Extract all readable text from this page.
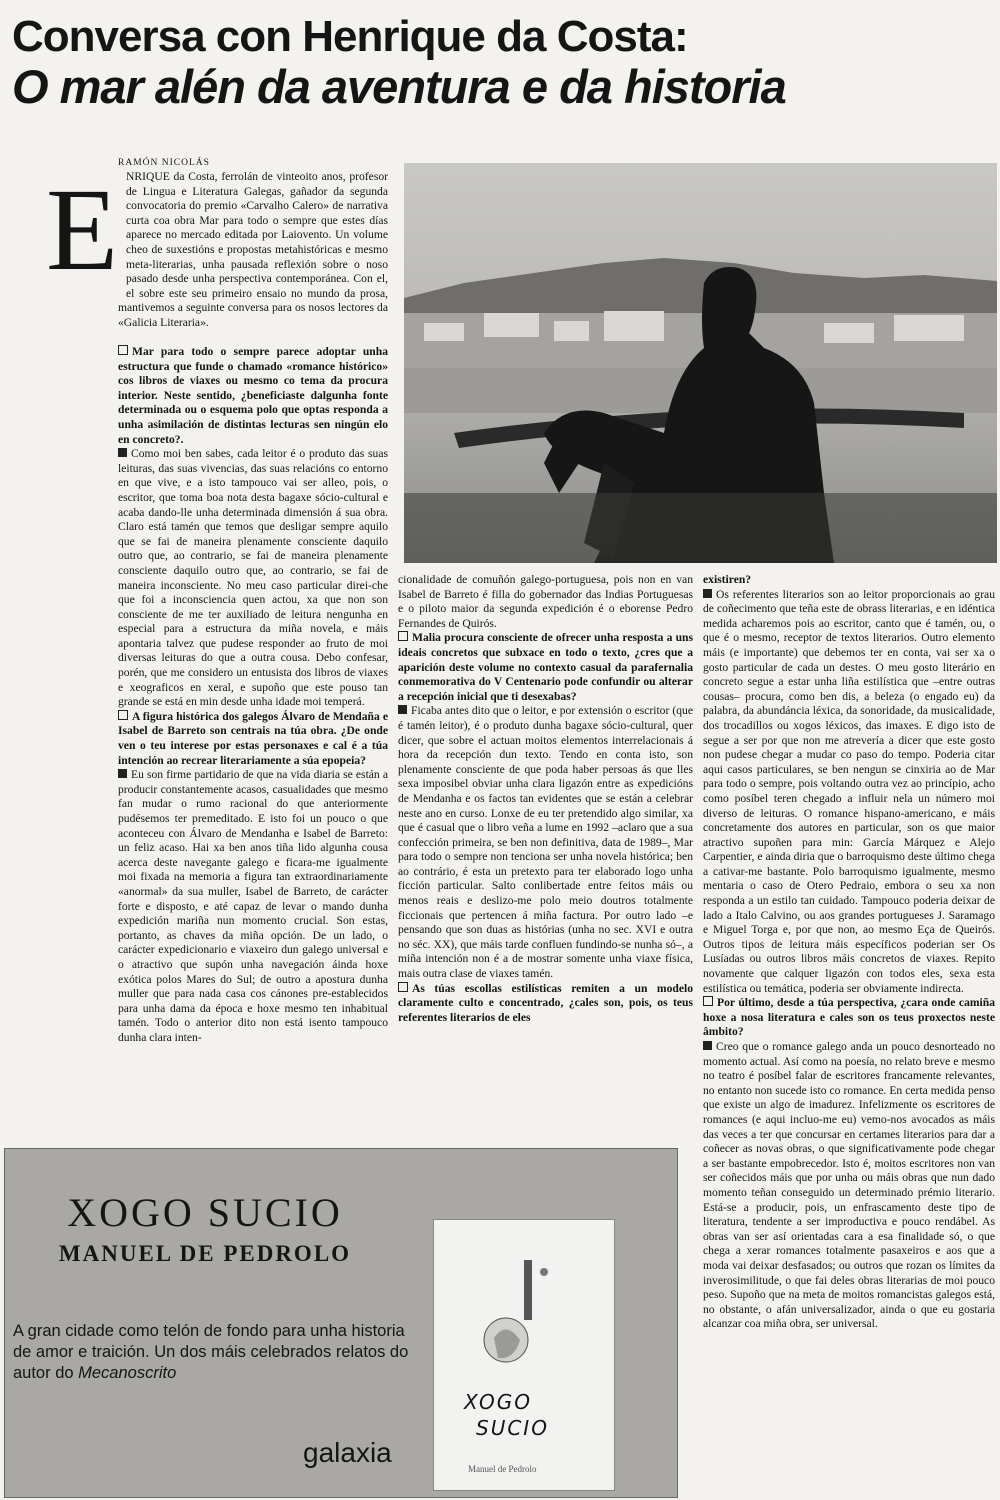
Conversa con Henrique da Costa:
O mar alén da aventura e da historia
RAMÓN NICOLÁS

ENRIQUE da Costa, ferrolán de vinteoito anos, profesor de Lingua e Literatura Galegas, gañador da segunda convocatoria do premio «Carvalho Calero» de narrativa curta coa obra Mar para todo o sempre que estes días aparece no mercado editada por Laiovento. Un volume cheo de suxestións e propostas metahistóricas e mesmo meta-literarias, unha pausada reflexión sobre o noso pasado desde unha perspectiva contemporánea. Con el, el sobre este seu primeiro ensaio no mundo da prosa, mantivemos a seguinte conversa para os nosos lectores da «Galicia Literaria».

Mar para todo o sempre parece adoptar unha estructura que funde o chamado «romance histórico» cos libros de viaxes ou mesmo co tema da procura interior. Neste sentido, ¿beneficiaste dalgunha fonte determinada ou o esquema polo que optas responda a unha asimilación de distintas lecturas sen ningún elo en concreto?.

Como moi ben sabes, cada leitor é o produto das suas leituras, das suas vivencias, das suas relacións co entorno en que vive, e a isto tampouco vai ser alleo, pois, o escritor, que toma boa nota desta bagaxe sócio-cultural e acaba dando-lle unha determinada dimensión á sua obra. Claro está tamén que temos que desligar sempre aquilo que se fai de maneira plenamente consciente daquilo outro que, ao contrario, se fai de maneira plenamente consciente daquilo outro que, ao contrario, se fai de maneira inconsciente. No meu caso particular direi-che que foi a inconsciencia quen actou, xa que non son consciente de me ter auxiliado de leitura nengunha en especial para a estructura da miña novela, e máis apontaria talvez que pudese responder ao fruto de moi diversas leituras do que a outra cousa. Debo confesar, porén, que me considero un entusista dos libros de viaxes e xeograficos en xeral, e supoño que este pouso tan grande se está en min desde unha idade moi temperá.

A figura histórica dos galegos Álvaro de Mendaña e Isabel de Barreto son centrais na túa obra. ¿De onde ven o teu interese por estas personaxes e cal é a túa intención ao recrear literariamente a súa epopeia?

Eu son firme partidario de que na vida diaria se están a producir constantemente acasos, casualidades que mesmo fan mudar o rumo racional do que anteriormente pudésemos ter premeditado. E isto foi un pouco o que aconteceu con Álvaro de Mendanha e Isabel de Barreto: un feliz acaso. Hai xa ben anos tiña lido algunha cousa acerca deste navegante galego e ficara-me igualmente moi fixada na memoria a figura tan extraordinariamente «anormal» da sua muller, Isabel de Barreto, de carácter forte e disposto, e até capaz de levar o mando dunha expedición mariña nun momento crucial. Son estas, portanto, as chaves da miña opción. De un lado, o carácter expedicionario e viaxeiro dun galego universal e o atractivo que supón unha navegación áinda hoxe exótica polos Mares do Sul; de outro a apostura dunha muller que para nada casa cos cánones pre-establecidos para unha dama da época e hoxe mesmo ten inhabitual tamén. Todo o anterior dito non está isento tampouco dunha clara inten-

cionalidade de comuñón galego-portuguesa, pois non en van Isabel de Barreto é filla do gobernador das Indias Portuguesas e o piloto maior da segunda expedición é o eborense Pedro Fernandes de Quirós.

Malia procura consciente de ofrecer unha resposta a uns ideais concretos que subxace en todo o texto, ¿cres que a aparición deste volume no contexto casual da parafernalia conmemorativa do V Centenario pode confundir ou alterar a recepción inicial que ti desexabas?

Ficaba antes dito que o leitor, e por extensión o escritor (que é tamén leitor), é o produto dunha bagaxe sócio-cultural, quer dicer, que sobre el actuan moitos elementos interrelacionais á hora da recepción dun texto. Tendo en conta isto, son plenamente consciente de que poda haber persoas ás que lles sexa imposibel obviar unha clara ligazón entre as expedicións de Mendanha e os factos tan evidentes que se están a celebrar neste ano en curso. Lonxe de eu ter pretendido algo similar, xa que é casual que o libro veña a lume en 1992 –aclaro que a sua confección primeira, se ben non definitiva, data de 1989–, Mar para todo o sempre non tenciona ser unha novela histórica; ben ao contrário, é esta un pretexto para ter elaborado logo unha ficción particular. Salto conlibertade entre feitos máis ou menos reais e deslizo-me polo meio doutros totalmente ficcionais que pertencen á miña factura. Por outro lado –e pensando que son duas as histórias (unha no sec. XVI e outra no séc. XX), que máis tarde confluen fundindo-se nunha só–, a miña intención non é a de mostrar somente unha viaxe física, mais outra clase de viaxes tamén.

As túas escollas estilísticas remiten a un modelo claramente culto e concentrado, ¿cales son, pois, os teus referentes literarios de eles

existiren?

Os referentes literarios son ao leitor proporcionais ao grau de coñecimento que teña este de obrass literarias, e en idéntica medida acharemos pois ao escritor, canto que é tamén, ou, o que é o mesmo, receptor de textos literarios. Outro elemento máis (e importante) que debemos ter en conta, vai ser xa o gosto particular de cada un destes. O meu gosto literário en concreto segue a estar unha liña estilística que –entre outras cousas– procura, como ben dis, a beleza (o engado eu) da palabra, da abundáncia léxica, da sonoridade, da musicalidade, dos trocadillos ou xogos léxicos, das imaxes. E digo isto de segue a ser por que non me atrevería a dicer que este gosto non pudese chegar a mudar co paso do tempo. Poderia citar aqui casos particulares, se ben nengun se cinxiria ao de Mar para todo o sempre, pois voltando outra vez ao princípio, acho como posíbel teren chegado a influir nela un número moi diverso de leituras. O romance hispano-americano, e máis concretamente dos autores en particular, son os que maior atractivo supoñen para min: García Márquez e Alejo Carpentier, e ainda diria que o barroquismo deste último chega a cativar-me bastante. Polo barroquismo igualmente, mesmo mentaria o caso de Otero Pedraio, embora o seu xa non responda a un estilo tan cuidado. Tampouco poderia deixar de lado a Italo Calvino, ou aos grandes portugueses J. Saramago e Miguel Torga e, por que non, ao mesmo Eça de Queirós. Outros tipos de leitura máis específicos poderian ser Os Lusíadas ou outros libros máis concretos de viaxes. Repito novamente que calquer ligazón con todos eles, sexa esta estilística ou temática, poderia ser obviamente indirecta.

Por último, desde a túa perspectiva, ¿cara onde camiña hoxe a nosa literatura e cales son os teus proxectos neste âmbito?

Creo que o romance galego anda un pouco desnorteado no momento actual. Así como na poesía, no relato breve e mesmo no teatro é posíbel falar de escritores francamente relevantes, no entanto non sucede isto co romance. En certa medida penso que existe un algo de imadurez. Infelizmente os escritores de romances (e aqui incluo-me eu) vemo-nos avocados as máis das veces a ter que concursar en certames literarios para dar a coñecer as novas obras, o que significativamente pode chegar a ser bastante empobrecedor. Isto é, moitos escritores non van ser coñecidos máis que por unha ou máis obras que nun dado momento teñan conseguido un determinado prémio literario. Está-se a producir, pois, un enfrascamento deste tipo de literatura, tendente a ser improductiva e pouco rendábel. As obras van ser así orientadas cara a esa finalidade só, o que chega a xerar romances totalmente pasaxeiros e aos que a moda vai deixar desfasados; ou outros que rozan os límites da inverosimilitude, o que fai deles obras literarias de moi pouco peso. Supoño que na meta de moitos romancistas galegos está, no obstante, o afán universalizador, ainda o que eu gostaria alcanzar coa miña obra, ser universal.

XOGO SUCIO
MANUEL DE PEDROLO
A gran cidade como telón de fondo para unha historia de amor e traición. Un dos máis celebrados relatos do autor do Mecanoscrito
galaxia
XOGO
SUCIO
Manuel de Pedrolo
